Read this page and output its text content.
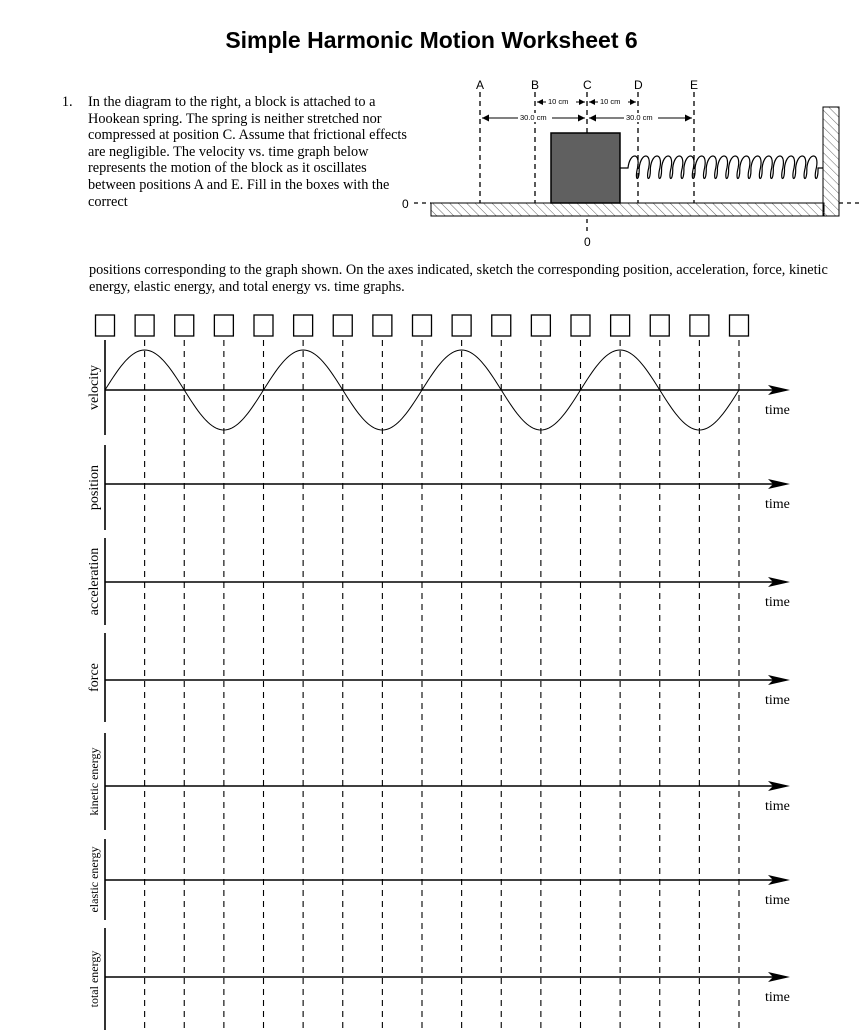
Simple Harmonic Motion Worksheet 6
1. In the diagram to the right, a block is attached to a Hookean spring. The spring is neither stretched nor compressed at position C. Assume that frictional effects are negligible. The velocity vs. time graph below represents the motion of the block as it oscillates between positions A and E. Fill in the boxes with the correct
positions corresponding to the graph shown. On the axes indicated, sketch the corresponding position, acceleration, force, kinetic energy, elastic energy, and total energy vs. time graphs.
A	B	C	D	E
10 cm	10 cm
30.0 cm	30.0 cm
0
0
time
velocity
time
position
time
acceleration
time
force
time
kinetic energy
time
elastic energy
time
total energy
